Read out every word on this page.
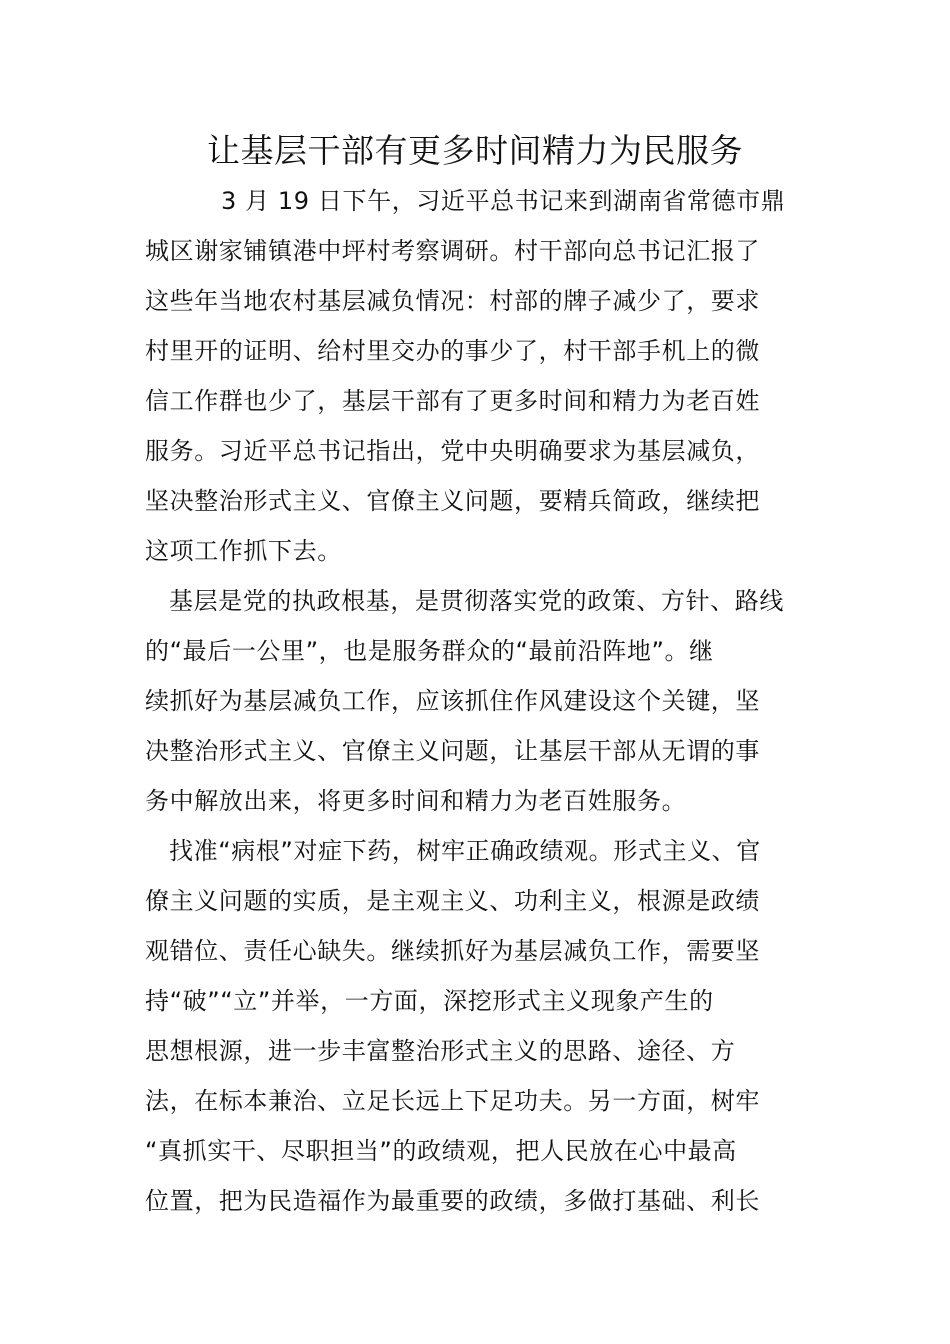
让基层干部有更多时间精力为民服务

3 月 19 日下午，习近平总书记来到湖南省常德市鼎
城区谢家铺镇港中坪村考察调研。村干部向总书记汇报了
这些年当地农村基层减负情况：村部的牌子减少了，要求
村里开的证明、给村里交办的事少了，村干部手机上的微
信工作群也少了，基层干部有了更多时间和精力为老百姓
服务。习近平总书记指出，党中央明确要求为基层减负，
坚决整治形式主义、官僚主义问题，要精兵简政，继续把
这项工作抓下去。

基层是党的执政根基，是贯彻落实党的政策、方针、路线
的“最后一公里”，也是服务群众的“最前沿阵地”。继
续抓好为基层减负工作，应该抓住作风建设这个关键，坚
决整治形式主义、官僚主义问题，让基层干部从无谓的事
务中解放出来，将更多时间和精力为老百姓服务。

找准“病根”对症下药，树牢正确政绩观。形式主义、官
僚主义问题的实质，是主观主义、功利主义，根源是政绩
观错位、责任心缺失。继续抓好为基层减负工作，需要坚
持“破”“立”并举，一方面，深挖形式主义现象产生的
思想根源，进一步丰富整治形式主义的思路、途径、方
法，在标本兼治、立足长远上下足功夫。另一方面，树牢
“真抓实干、尽职担当”的政绩观，把人民放在心中最高
位置，把为民造福作为最重要的政绩，多做打基础、利长
